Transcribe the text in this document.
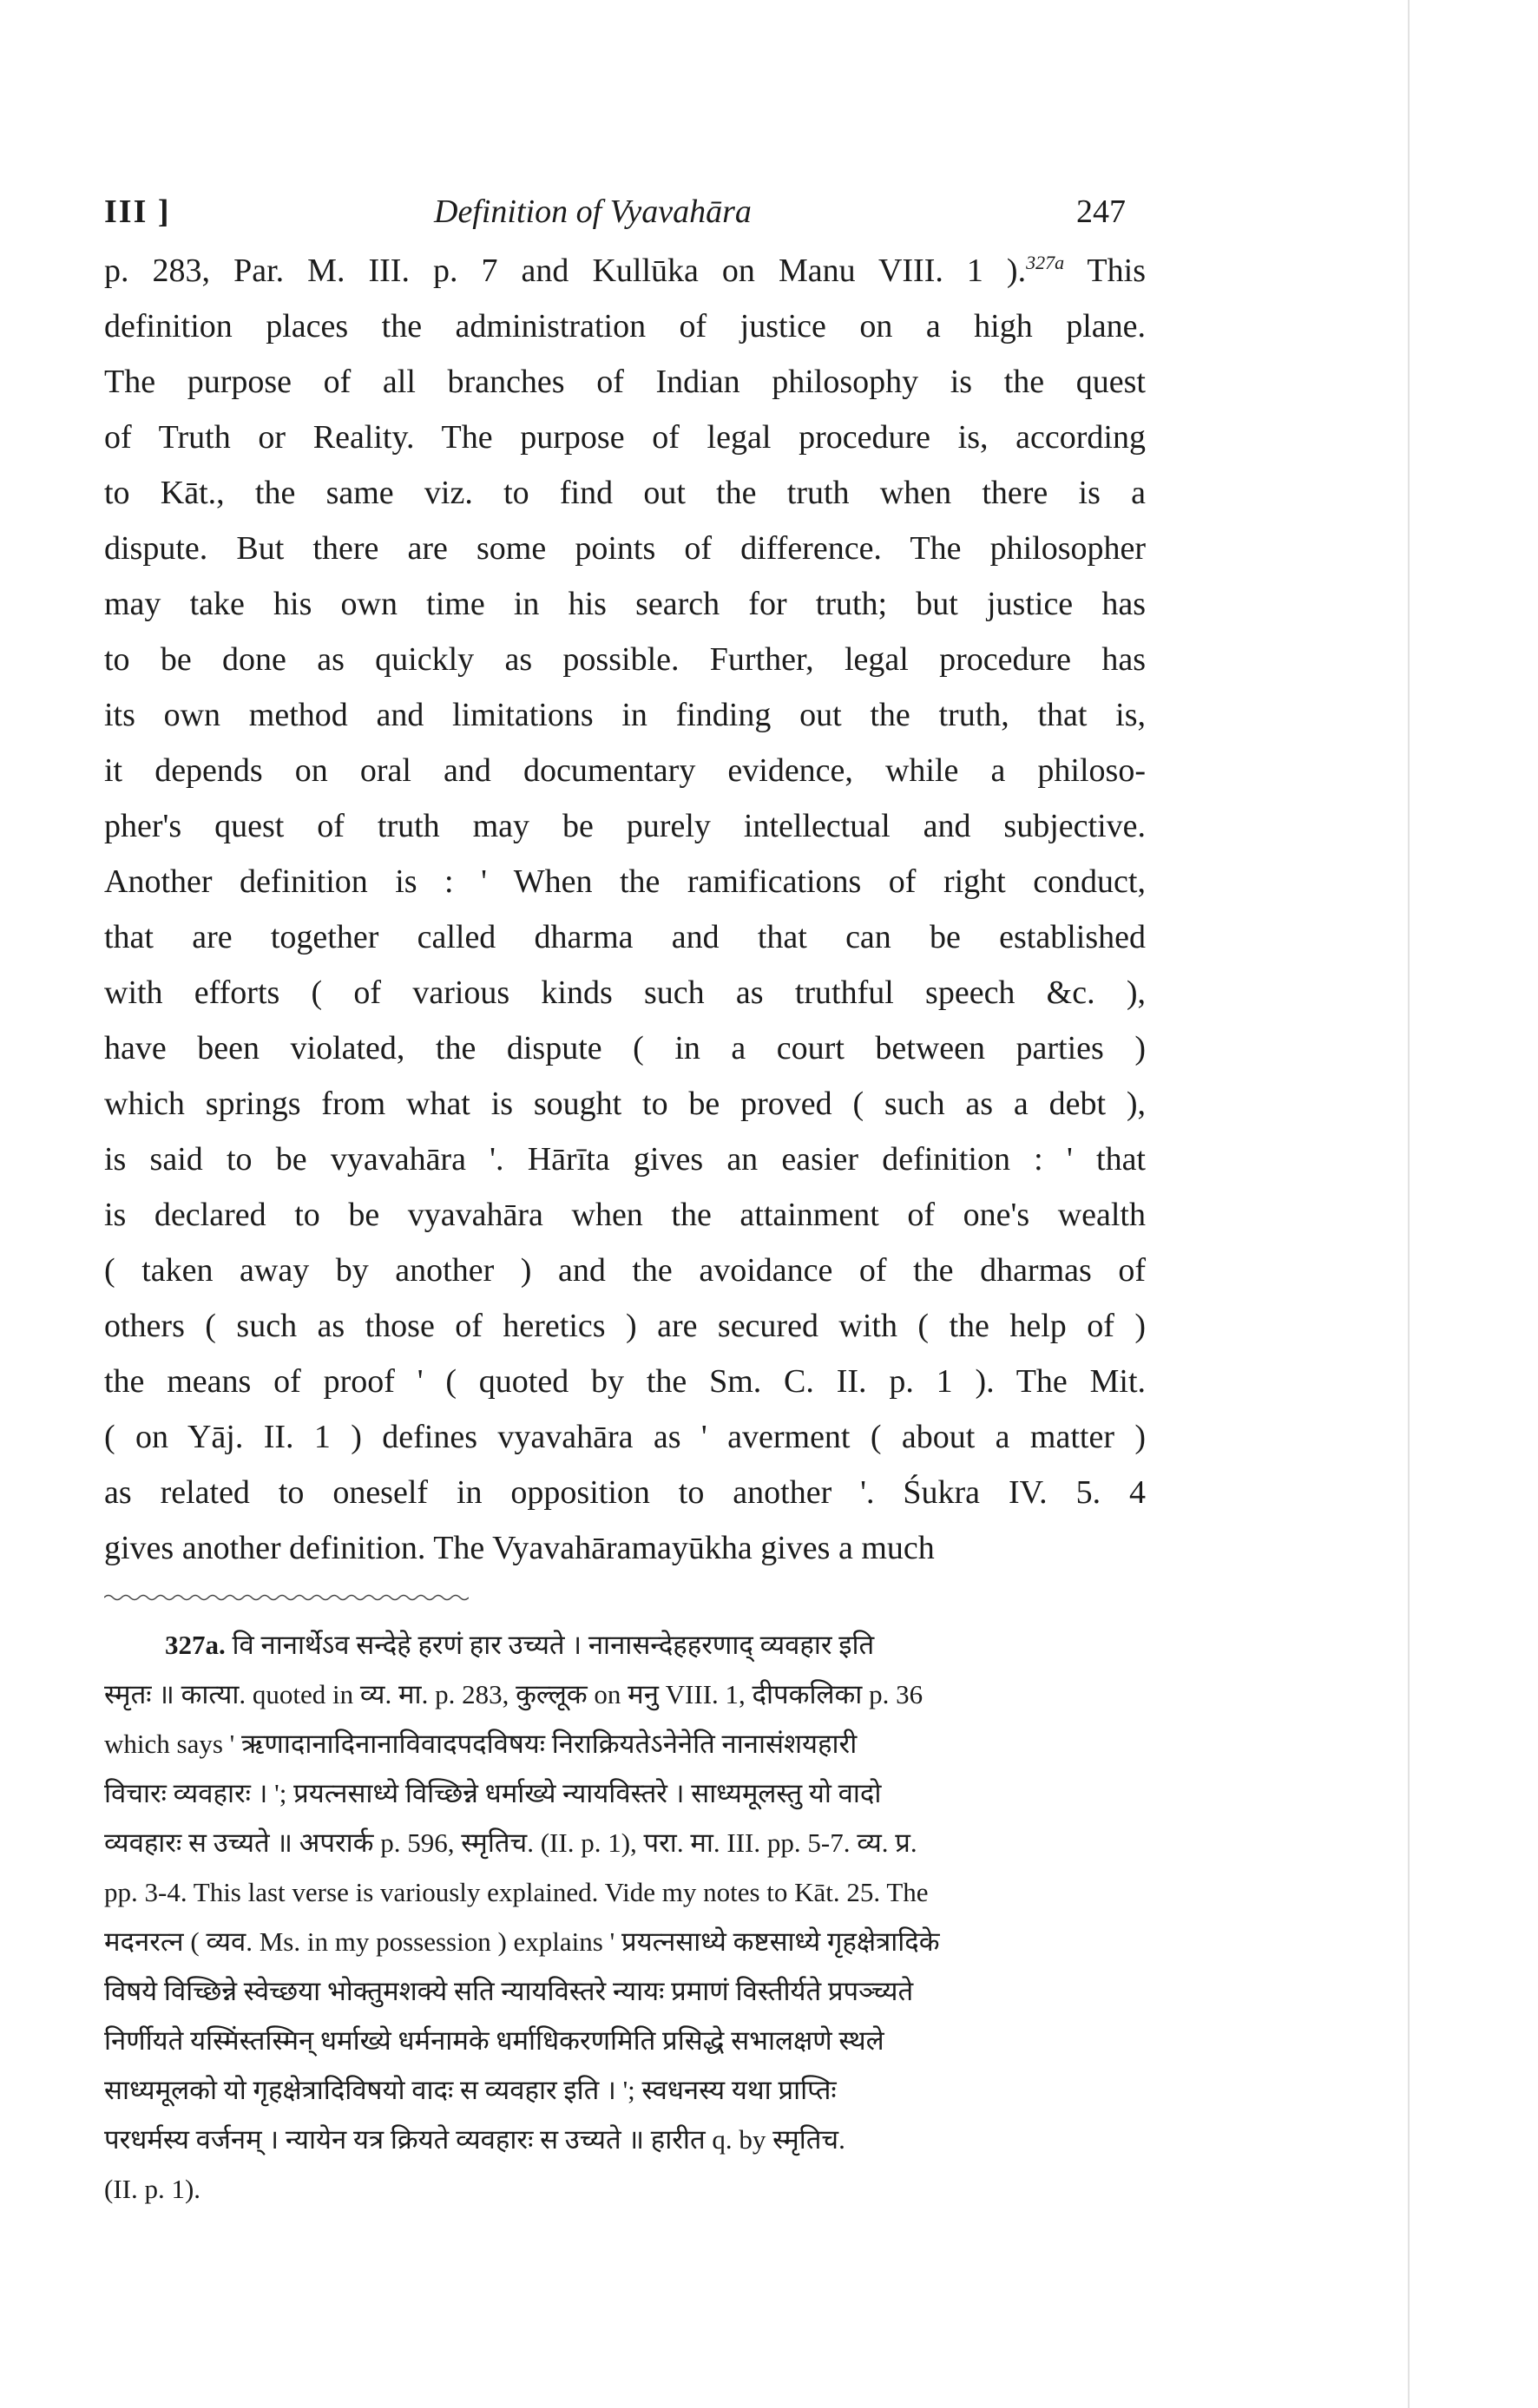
III ]	Definition of Vyavahāra	247

p. 283, Par. M. III. p. 7 and Kullūka on Manu VIII. 1 ).$^{327a}$ This

definition places the administration of justice on a high plane.

The purpose of all branches of Indian philosophy is the quest

of Truth or Reality. The purpose of legal procedure is, according

to Kāt., the same viz. to find out the truth when there is a

dispute. But there are some points of difference. The philosopher

may take his own time in his search for truth; but justice has

to be done as quickly as possible. Further, legal procedure has

its own method and limitations in finding out the truth, that is,

it depends on oral and documentary evidence, while a philoso-

pher's quest of truth may be purely intellectual and subjective.

Another definition is : ' When the ramifications of right conduct,

that are together called dharma and that can be established

with efforts ( of various kinds such as truthful speech &c. ),

have been violated, the dispute ( in a court between parties )

which springs from what is sought to be proved ( such as a debt ),

is said to be vyavahāra '. Hārīta gives an easier definition : ' that

is declared to be vyavahāra when the attainment of one's wealth

( taken away by another ) and the avoidance of the dharmas of

others ( such as those of heretics ) are secured with ( the help of )

the means of proof ' ( quoted by the Sm. C. II. p. 1 ). The Mit.

( on Yāj. II. 1 ) defines vyavahāra as ' averment ( about a matter )

as related to oneself in opposition to another '. Śukra IV. 5. 4

gives another definition. The Vyavahāramayūkha gives a much

327a. वि नानार्थेऽव सन्देहे हरणं हार उच्यते । नानासन्देहहरणाद् व्यवहार इति

स्मृतः ॥ कात्या. quoted in व्य. मा. p. 283, कुल्लूक on मनु VIII. 1, दीपकलिका p. 36

which says ' ऋणादानादिनानाविवादपदविषयः निराक्रियतेऽनेनेति नानासंशयहारी

विचारः व्यवहारः । '; प्रयत्नसाध्ये विच्छिन्ने धर्माख्ये न्यायविस्तरे । साध्यमूलस्तु यो वादो

व्यवहारः स उच्यते ॥ अपरार्क p. 596, स्मृतिच. (II. p. 1), परा. मा. III. pp. 5-7. व्य. प्र.

pp. 3-4. This last verse is variously explained. Vide my notes to Kāt. 25. The

मदनरत्न ( व्यव. Ms. in my possession ) explains ' प्रयत्नसाध्ये कष्टसाध्ये गृहक्षेत्रादिके

विषये विच्छिन्ने स्वेच्छया भोक्तुमशक्ये सति न्यायविस्तरे न्यायः प्रमाणं विस्तीर्यते प्रपञ्च्यते

निर्णीयते यस्मिंस्तस्मिन् धर्माख्ये धर्मनामके धर्माधिकरणमिति प्रसिद्धे सभालक्षणे स्थले

साध्यमूलको यो गृहक्षेत्रादिविषयो वादः स व्यवहार इति । '; स्वधनस्य यथा प्राप्तिः

परधर्मस्य वर्जनम् । न्यायेन यत्र क्रियते व्यवहारः स उच्यते ॥ हारीत q. by स्मृतिच.

(II. p. 1).
